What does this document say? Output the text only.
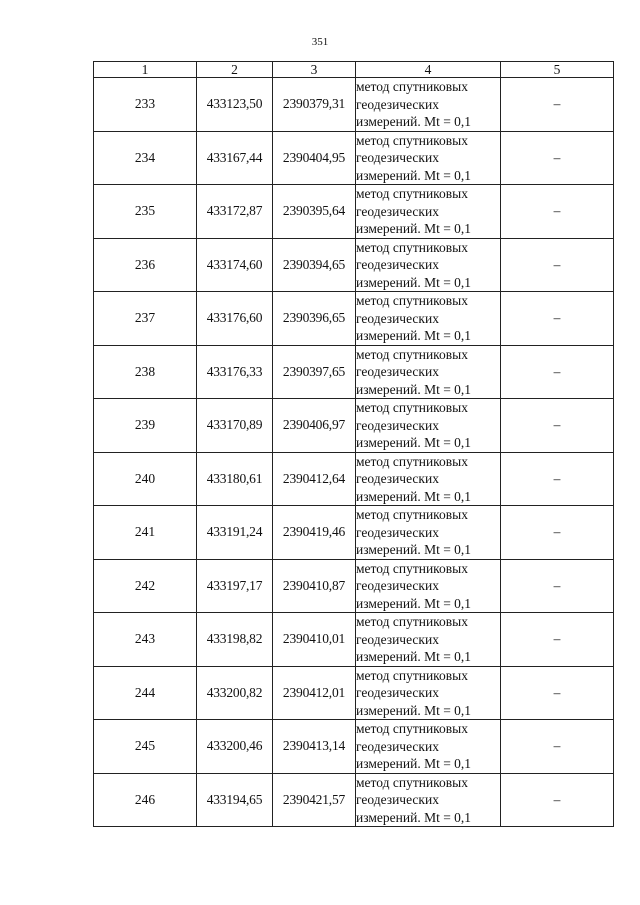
351
1	2	3	4	5
233	433123,50	2390379,31	метод спутниковых
геодезических
измерений. Mt = 0,1	–
234	433167,44	2390404,95	метод спутниковых
геодезических
измерений. Mt = 0,1	–
235	433172,87	2390395,64	метод спутниковых
геодезических
измерений. Mt = 0,1	–
236	433174,60	2390394,65	метод спутниковых
геодезических
измерений. Mt = 0,1	–
237	433176,60	2390396,65	метод спутниковых
геодезических
измерений. Mt = 0,1	–
238	433176,33	2390397,65	метод спутниковых
геодезических
измерений. Mt = 0,1	–
239	433170,89	2390406,97	метод спутниковых
геодезических
измерений. Mt = 0,1	–
240	433180,61	2390412,64	метод спутниковых
геодезических
измерений. Mt = 0,1	–
241	433191,24	2390419,46	метод спутниковых
геодезических
измерений. Mt = 0,1	–
242	433197,17	2390410,87	метод спутниковых
геодезических
измерений. Mt = 0,1	–
243	433198,82	2390410,01	метод спутниковых
геодезических
измерений. Mt = 0,1	–
244	433200,82	2390412,01	метод спутниковых
геодезических
измерений. Mt = 0,1	–
245	433200,46	2390413,14	метод спутниковых
геодезических
измерений. Mt = 0,1	–
246	433194,65	2390421,57	метод спутниковых
геодезических
измерений. Mt = 0,1	–
